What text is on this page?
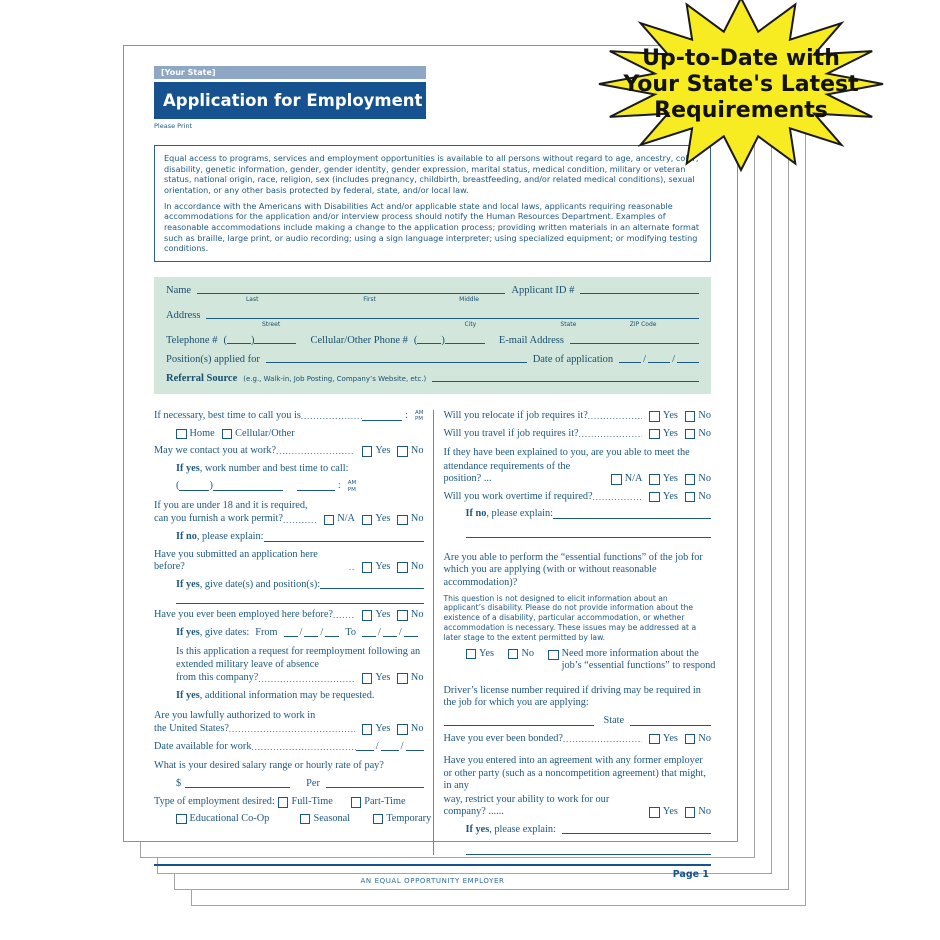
[Your State]
Application for Employment
Please Print

Equal access to programs, services and employment opportunities is available to all persons without regard to age, ancestry, color, disability, genetic information, gender, gender identity, gender expression, marital status, medical condition, military or veteran status, national origin, race, religion, sex (includes pregnancy, childbirth, breastfeeding, and/or related medical conditions), sexual orientation, or any other basis protected by federal, state, and/or local law.

In accordance with the Americans with Disabilities Act and/or applicable state and local laws, applicants requiring reasonable accommodations for the application and/or interview process should notify the Human Resources Department. Examples of reasonable accommodations include making a change to the application process; providing written materials in an alternate format such as braille, large print, or audio recording; using a sign language interpreter; using specialized equipment; or modifying testing conditions.

Name	Applicant ID #
Last	First	Middle
Address
Street	City	State	ZIP Code
Telephone # ( )	Cellular/Other Phone # ( )	E-mail Address
Position(s) applied for	Date of application	/ /
Referral Source (e.g., Walk-in, Job Posting, Company’s Website, etc.)
If necessary, best time to call you is .....	: AM
PM
Home Cellular/Other
May we contact you at work? .....	Yes No
If yes, work number and best time to call:
(	)	: AM
PM
If you are under 18 and it is required,
can you furnish a work permit? .....	N/A Yes No
If no, please explain:
Have you submitted an application here before? .....	Yes No
If yes, give date(s) and position(s):
Have you ever been employed here before? .....	Yes No
If yes, give dates: From / / To / /
Is this application a request for reemployment following an extended military leave of absence
from this company? .....	Yes No
If yes, additional information may be requested.
Are you lawfully authorized to work in
the United States? .....	Yes No
Date available for work .....	/ /
What is your desired salary range or hourly rate of pay?
$	Per
Type of employment desired:	Full-Time	Part-Time
Educational Co-Op	Seasonal	Temporary
Will you relocate if job requires it? .....	Yes No
Will you travel if job requires it? .....	Yes No
If they have been explained to you, are you able to meet the
attendance requirements of the position? ...	N/A Yes No
Will you work overtime if required? .....	Yes No
If no, please explain:
Are you able to perform the “essential functions” of the job for which you are applying (with or without reasonable accommodation)?
This question is not designed to elicit information about an applicant’s disability. Please do not provide information about the existence of a disability, particular accommodation, or whether accommodation is necessary. These issues may be addressed at a later stage to the extent permitted by law.
Yes	No	Need more information about the
job’s “essential functions” to respond
Driver’s license number required if driving may be required in the job for which you are applying:
State
Have you ever been bonded? .....	Yes No
Have you entered into an agreement with any former employer or other party (such as a noncompetition agreement) that might, in any
way, restrict your ability to work for our company? ......	Yes No
If yes, please explain:
AN EQUAL OPPORTUNITY EMPLOYER
Page 1
Up-to-Date with
Your State's Latest
Requirements
